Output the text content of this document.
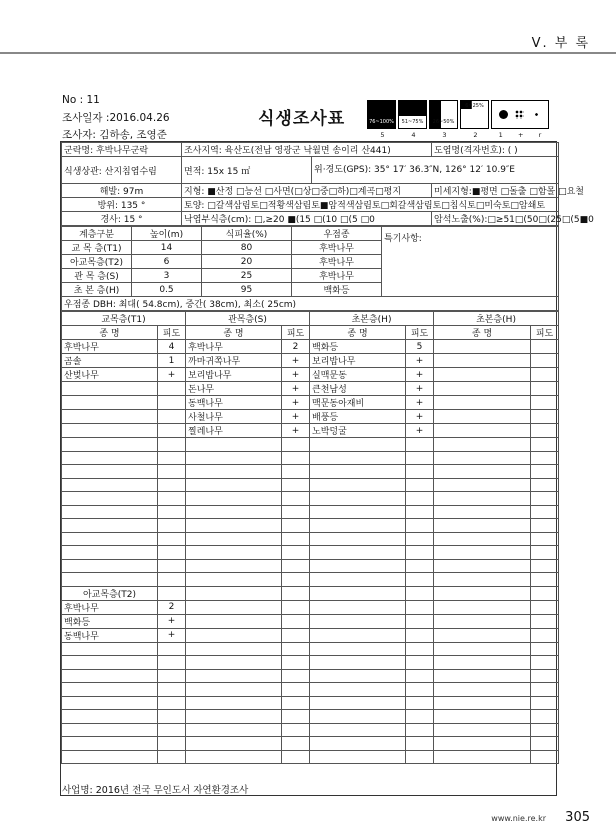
Ⅴ. 부 록
No : 11
조사일자 :2016.04.26
조사자: 김하송, 조영준
식생조사표	76~100%	51~75%	26~50%
6~25%
5	4	3	2	1 + r
군락명: 후박나무군락	조사지역: 육산도(전남 영광군 낙월면 송이리 산441)		도엽명(격자번호): ( )
식생상관: 산지침엽수림	면적: 15x 15 ㎡	위·경도(GPS): 35° 17′ 36.3″N, 126° 12′ 10.9″E	
해발: 97m	지형: ■산정 □능선 □사면(□상□중□하)□계곡□평지		미세지형:■평면 □돌출 □함몰 □요철
방위: 135 °	토양: □갈색삼림토□적황색삼림토■암적색삼림토□회갈색삼림토□침식토□미숙토□암쇄토		
경사: 15 °	낙엽부식층(cm): □,≥20 ■(15 □(10 □(5 □0		암석노출(%):□≥51□(50□(25□(5■0
계층구분	높이(m)	식피율(%)	우점종	특기사항:
교 목 층(T1)	14	80	후박나무	
아교목층(T2)	6	20	후박나무	
관 목 층(S)	3	25	후박나무	
초 본 층(H)	0.5	95	백화등	
우점종 DBH: 최대( 54.8cm), 중간( 38cm), 최소( 25cm)				
교목층(T1)		관목층(S)		초본층(H)		초본층(H)	
종 명	피도	종 명	피도	종 명	피도	종 명	피도
후박나무	4	후박나무	2	백화등	5		
곰솔	1	까마귀쪽나무	+	보리밥나무	+		
산벚나무	+	보리밥나무	+	실맥문동	+		
		돈나무	+	큰천남성	+		
		동백나무	+	맥문동아재비	+		
		사철나무	+	배풍등	+		
		찔레나무	+	노박덩굴	+		

아교목층(T2)							
후박나무	2						
백화등	+						
동백나무	+						

사업명: 2016년 전국 무인도서 자연환경조사
www.nie.re.kr 305
